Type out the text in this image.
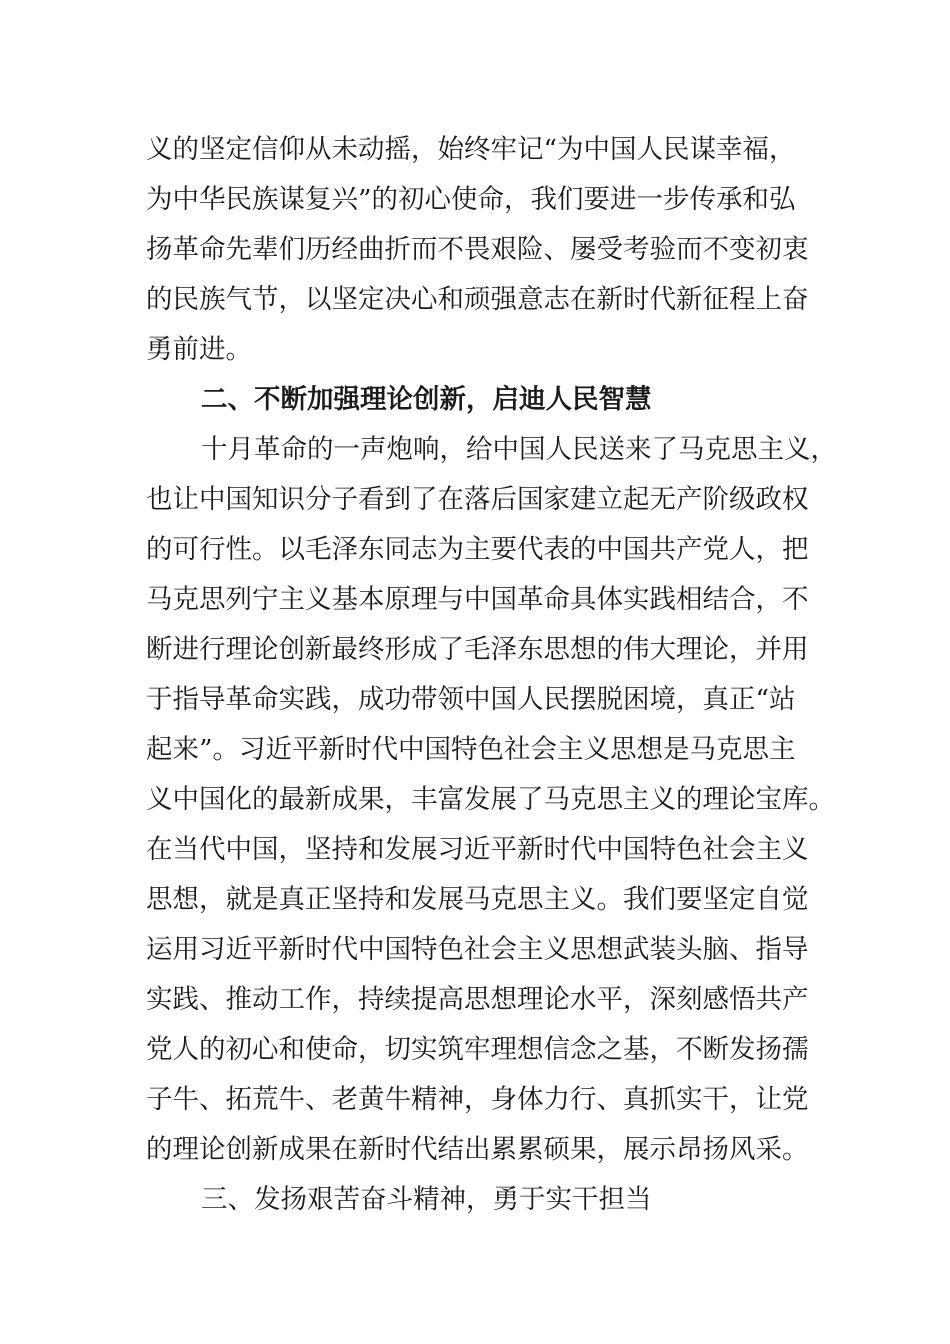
义的坚定信仰从未动摇，始终牢记“为中国人民谋幸福，

为中华民族谋复兴”的初心使命，我们要进一步传承和弘

扬革命先辈们历经曲折而不畏艰险、屡受考验而不变初衷

的民族气节，以坚定决心和顽强意志在新时代新征程上奋

勇前进。

二、不断加强理论创新，启迪人民智慧

十月革命的一声炮响，给中国人民送来了马克思主义，

也让中国知识分子看到了在落后国家建立起无产阶级政权

的可行性。以毛泽东同志为主要代表的中国共产党人，把

马克思列宁主义基本原理与中国革命具体实践相结合，不

断进行理论创新最终形成了毛泽东思想的伟大理论，并用

于指导革命实践，成功带领中国人民摆脱困境，真正“站

起来”。习近平新时代中国特色社会主义思想是马克思主

义中国化的最新成果，丰富发展了马克思主义的理论宝库。

在当代中国，坚持和发展习近平新时代中国特色社会主义

思想，就是真正坚持和发展马克思主义。我们要坚定自觉

运用习近平新时代中国特色社会主义思想武装头脑、指导

实践、推动工作，持续提高思想理论水平，深刻感悟共产

党人的初心和使命，切实筑牢理想信念之基，不断发扬孺

子牛、拓荒牛、老黄牛精神，身体力行、真抓实干，让党

的理论创新成果在新时代结出累累硕果，展示昂扬风采。

三、发扬艰苦奋斗精神，勇于实干担当
